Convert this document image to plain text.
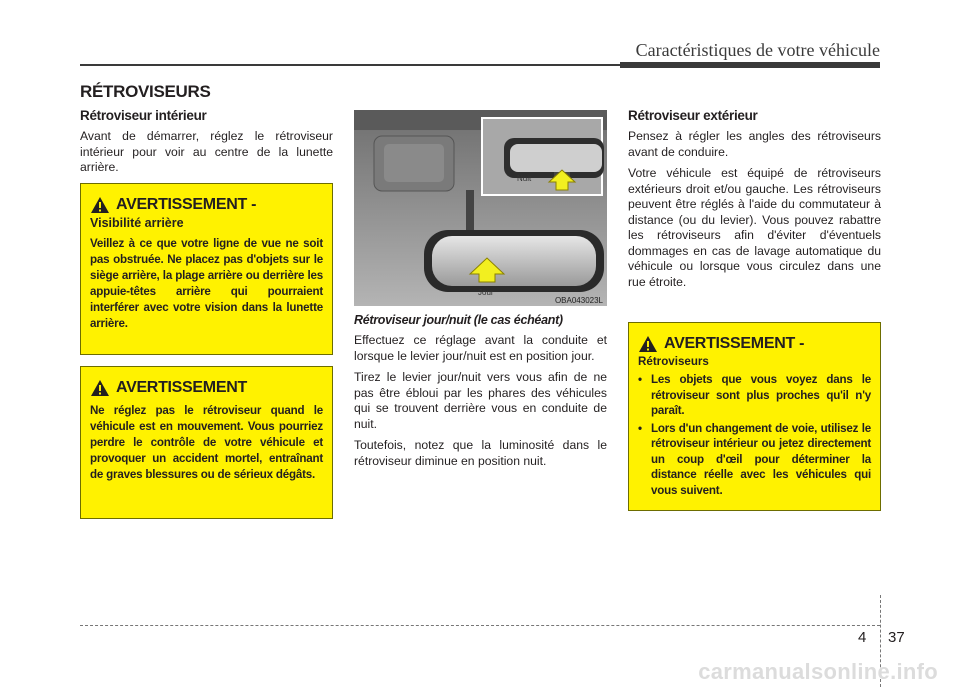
Caractéristiques de votre véhicule
RÉTROVISEURS
Rétroviseur intérieur

Avant de démarrer, réglez le rétroviseur intérieur pour voir au centre de la lunette arrière.

AVERTISSEMENT -
Visibilité arrière
Veillez à ce que votre ligne de vue ne soit pas obstruée. Ne placez pas d'objets sur le siège arrière, la plage arrière ou derrière les appuie-têtes arrière qui pourraient interférer avec votre vision dans la lunette arrière.
AVERTISSEMENT
Ne réglez pas le rétroviseur quand le véhicule est en mouvement. Vous pourriez perdre le contrôle de votre véhicule et provoquer un accident mortel, entraînant de graves blessures ou de sérieux dégâts.
Nuit
Jour
OBA043023L
Rétroviseur jour/nuit (le cas échéant)

Effectuez ce réglage avant la conduite et lorsque le levier jour/nuit est en position jour.

Tirez le levier jour/nuit vers vous afin de ne pas être ébloui par les phares des véhicules qui se trouvent derrière vous en conduite de nuit.

Toutefois, notez que la luminosité dans le rétroviseur diminue en position nuit.

Rétroviseur extérieur

Pensez à régler les angles des rétroviseurs avant de conduire.

Votre véhicule est équipé de rétroviseurs extérieurs droit et/ou gauche. Les rétroviseurs peuvent être réglés à l'aide du commutateur à distance (ou du levier). Vous pouvez rabattre les rétroviseurs afin d'éviter d'éventuels dommages en cas de lavage automatique du véhicule ou lorsque vous circulez dans une rue étroite.

AVERTISSEMENT -
Rétroviseurs
• Les objets que vous voyez dans le rétroviseur sont plus proches qu'il n'y paraît.
• Lors d'un changement de voie, utilisez le rétroviseur intérieur ou jetez directement un coup d'œil pour déterminer la distance réelle avec les véhicules qui vous suivent.
4 37
carmanualsonline.info
